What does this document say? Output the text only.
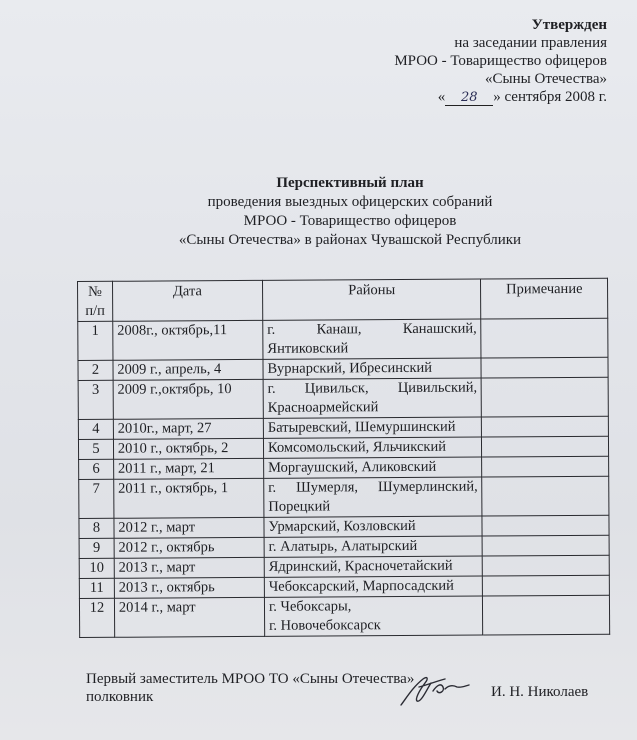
Утвержден
на заседании правления
МРОО - Товарищество офицеров
«Сыны Отечества»
« 28 » сентября 2008 г.
Перспективный план
проведения выездных офицерских собраний
МРОО - Товарищество офицеров
«Сыны Отечества» в районах Чувашской Республики
№
п/п	Дата	Районы	Примечание
1	2008г., октябрь,11	г. Канаш, Канашский,
Янтиковский	

2	2009 г., апрель, 4	Вурнарский, Ибресинский	
3	2009 г.,октябрь, 10	г. Цивильск, Цивильский,
Красноармейский	

4	2010г., март, 27	Батыревский, Шемуршинский	
5	2010 г., октябрь, 2	Комсомольский, Яльчикский	
6	2011 г., март, 21	Моргаушский, Аликовский	
7	2011 г., октябрь, 1	г. Шумерля, Шумерлинский,
Порецкий	

8	2012 г., март	Урмарский, Козловский	
9	2012 г., октябрь	г. Алатырь, Алатырский	
10	2013 г., март	Ядринский, Красночетайский	
11	2013 г., октябрь	Чебоксарский, Марпосадский	
12	2014 г., март	г. Чебоксары,
г. Новочебоксарск	

Первый заместитель МРОО ТО «Сыны Отечества»
полковник	И. Н. Николаев
